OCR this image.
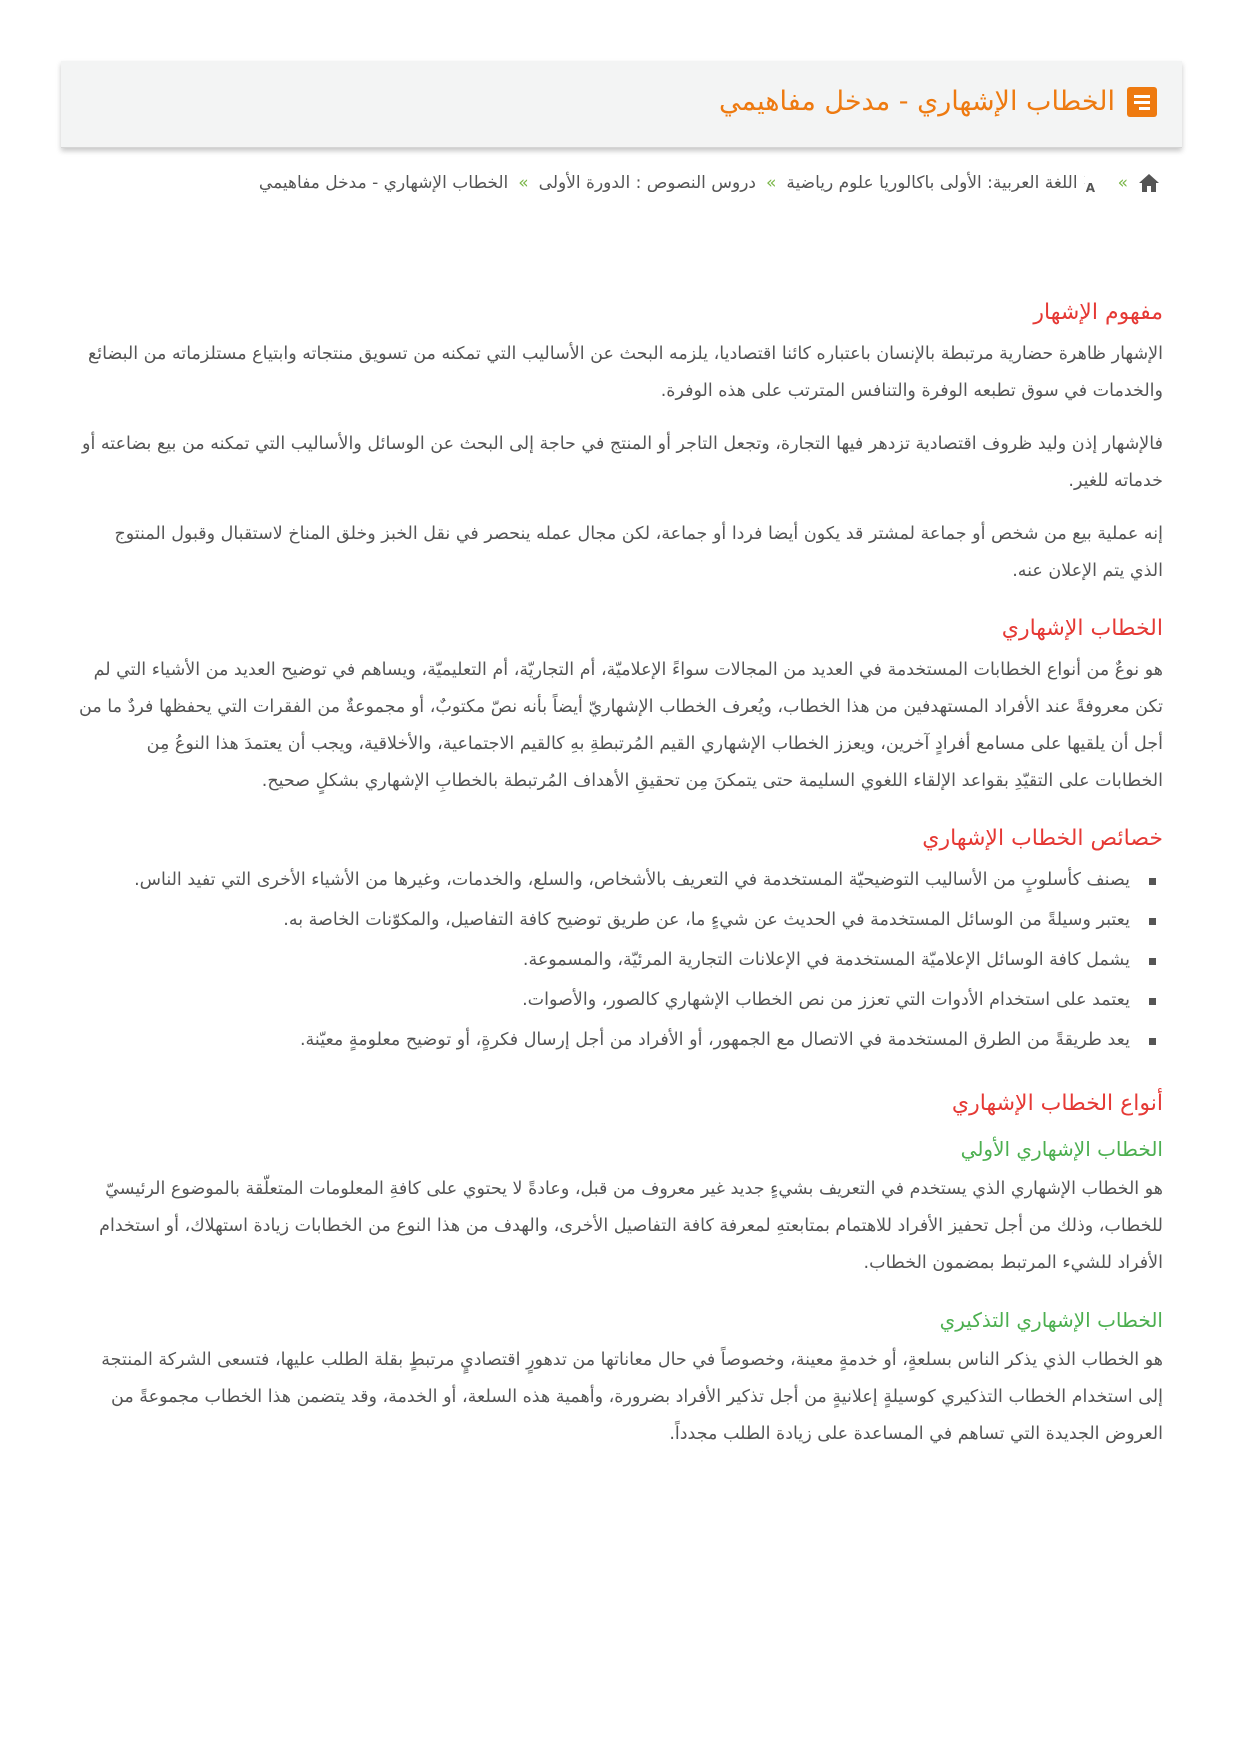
الخطاب الإشهاري - مدخل مفاهيمي
»
A
اللغة العربية: الأولى باكالوريا علوم رياضية
»
دروس النصوص : الدورة الأولى
»
الخطاب الإشهاري - مدخل مفاهيمي
مفهوم الإشهار

الإشهار ظاهرة حضارية مرتبطة بالإنسان باعتباره كائنا اقتصاديا، يلزمه البحث عن الأساليب التي تمكنه من تسويق منتجاته وابتياع مستلزماته من البضائع والخدمات في سوق تطبعه الوفرة والتنافس المترتب على هذه الوفرة.

فالإشهار إذن وليد ظروف اقتصادية تزدهر فيها التجارة، وتجعل التاجر أو المنتج في حاجة إلى البحث عن الوسائل والأساليب التي تمكنه من بيع بضاعته أو خدماته للغير.

إنه عملية بيع من شخص أو جماعة لمشتر قد يكون أيضا فردا أو جماعة، لكن مجال عمله ينحصر في نقل الخبز وخلق المناخ لاستقبال وقبول المنتوج الذي يتم الإعلان عنه.

الخطاب الإشهاري

هو نوعٌ من أنواع الخطابات المستخدمة في العديد من المجالات سواءً الإعلاميّة، أم التجاريّة، أم التعليميّة، ويساهم في توضيح العديد من الأشياء التي لم تكن معروفةً عند الأفراد المستهدفين من هذا الخطاب، ويُعرف الخطاب الإشهاريّ أيضاً بأنه نصّ مكتوبٌ، أو مجموعةٌ من الفقرات التي يحفظها فردٌ ما من أجل أن يلقيها على مسامع أفرادٍ آخرين، ويعزز الخطاب الإشهاري القيم المُرتبطةِ بهِ كالقيم الاجتماعية، والأخلاقية، ويجب أن يعتمدَ هذا النوعُ مِن الخطابات على التقيّدِ بقواعد الإلقاء اللغوي السليمة حتى يتمكنَ مِن تحقيقِ الأهداف المُرتبطة بالخطابِ الإشهاري بشكلٍ صحيح.

خصائص الخطاب الإشهاري
يصنف كأسلوبٍ من الأساليب التوضيحيّة المستخدمة في التعريف بالأشخاص، والسلع، والخدمات، وغيرها من الأشياء الأخرى التي تفيد الناس.
يعتبر وسيلةً من الوسائل المستخدمة في الحديث عن شيءٍ ما، عن طريق توضيح كافة التفاصيل، والمكوّنات الخاصة به.
يشمل كافة الوسائل الإعلاميّة المستخدمة في الإعلانات التجارية المرئيّة، والمسموعة.
يعتمد على استخدام الأدوات التي تعزز من نص الخطاب الإشهاري كالصور، والأصوات.
يعد طريقةً من الطرق المستخدمة في الاتصال مع الجمهور، أو الأفراد من أجل إرسال فكرةٍ، أو توضيح معلومةٍ معيّنة.
أنواع الخطاب الإشهاري
الخطاب الإشهاري الأولي

هو الخطاب الإشهاري الذي يستخدم في التعريف بشيءٍ جديد غير معروف من قبل، وعادةً لا يحتوي على كافةِ المعلومات المتعلّقة بالموضوع الرئيسيّ للخطاب، وذلك من أجل تحفيز الأفراد للاهتمام بمتابعتهِ لمعرفة كافة التفاصيل الأخرى، والهدف من هذا النوع من الخطابات زيادة استهلاك، أو استخدام الأفراد للشيء المرتبط بمضمون الخطاب.

الخطاب الإشهاري التذكيري

هو الخطاب الذي يذكر الناس بسلعةٍ، أو خدمةٍ معينة، وخصوصاً في حال معاناتها من تدهورٍ اقتصاديٍ مرتبطٍ بقلة الطلب عليها، فتسعى الشركة المنتجة إلى استخدام الخطاب التذكيري كوسيلةٍ إعلانيةٍ من أجل تذكير الأفراد بضرورة، وأهمية هذه السلعة، أو الخدمة، وقد يتضمن هذا الخطاب مجموعةً من العروض الجديدة التي تساهم في المساعدة على زيادة الطلب مجدداً.
